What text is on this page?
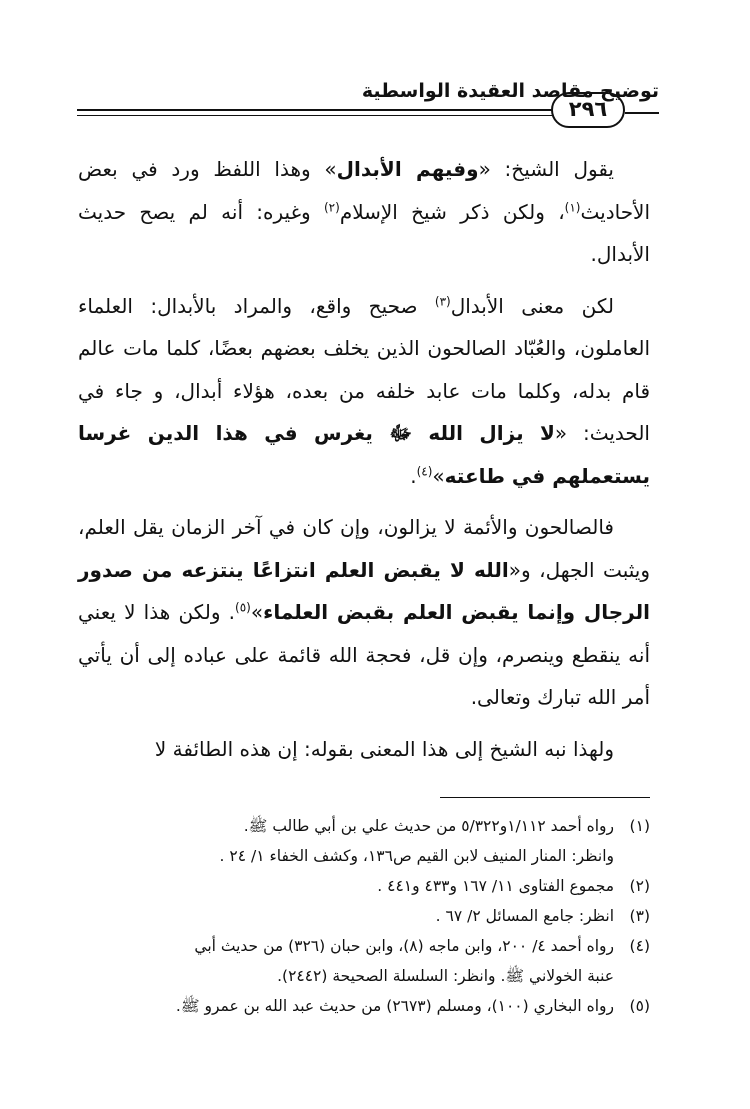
٢٩٦
توضيح مقاصد العقيدة الواسطية

يقول الشيخ: «وفيهم الأبدال» وهذا اللفظ ورد في بعض الأحاديث$^{(١)}$، ولكن ذكر شيخ الإسلام$^{(٢)}$ وغيره: أنه لم يصح حديث الأبدال.

لكن معنى الأبدال$^{(٣)}$ صحيح واقع، والمراد بالأبدال: العلماء العاملون، والعُبّاد الصالحون الذين يخلف بعضهم بعضًا، كلما مات عالم قام بدله، وكلما مات عابد خلفه من بعده، هؤلاء أبدال، و جاء في الحديث: «لا يزال الله ﷻ يغرس في هذا الدين غرسا يستعملهم في طاعته»$^{(٤)}$.

فالصالحون والأئمة لا يزالون، وإن كان في آخر الزمان يقل العلم، ويثبت الجهل، و«الله لا يقبض العلم انتزاعًا ينتزعه من صدور الرجال وإنما يقبض العلم بقبض العلماء»$^{(٥)}$. ولكن هذا لا يعني أنه ينقطع وينصرم، وإن قل، فحجة الله قائمة على عباده إلى أن يأتي أمر الله تبارك وتعالى.

ولهذا نبه الشيخ إلى هذا المعنى بقوله: إن هذه الطائفة لا

(١)رواه أحمد ١/١١٢و٥/٣٢٢ من حديث علي بن أبي طالب ﷺ.

وانظر: المنار المنيف لابن القيم ص١٣٦، وكشف الخفاء ١/ ٢٤ .

(٢)مجموع الفتاوى ١١/ ١٦٧ و٤٣٣ و٤٤١ .

(٣)انظر: جامع المسائل ٢/ ٦٧ .

(٤)رواه أحمد ٤/ ٢٠٠، وابن ماجه (٨)، وابن حبان (٣٢٦) من حديث أبي

عنبة الخولاني ﷺ. وانظر: السلسلة الصحيحة (٢٤٤٢).

(٥)رواه البخاري (١٠٠)، ومسلم (٢٦٧٣) من حديث عبد الله بن عمرو ﷺ.
